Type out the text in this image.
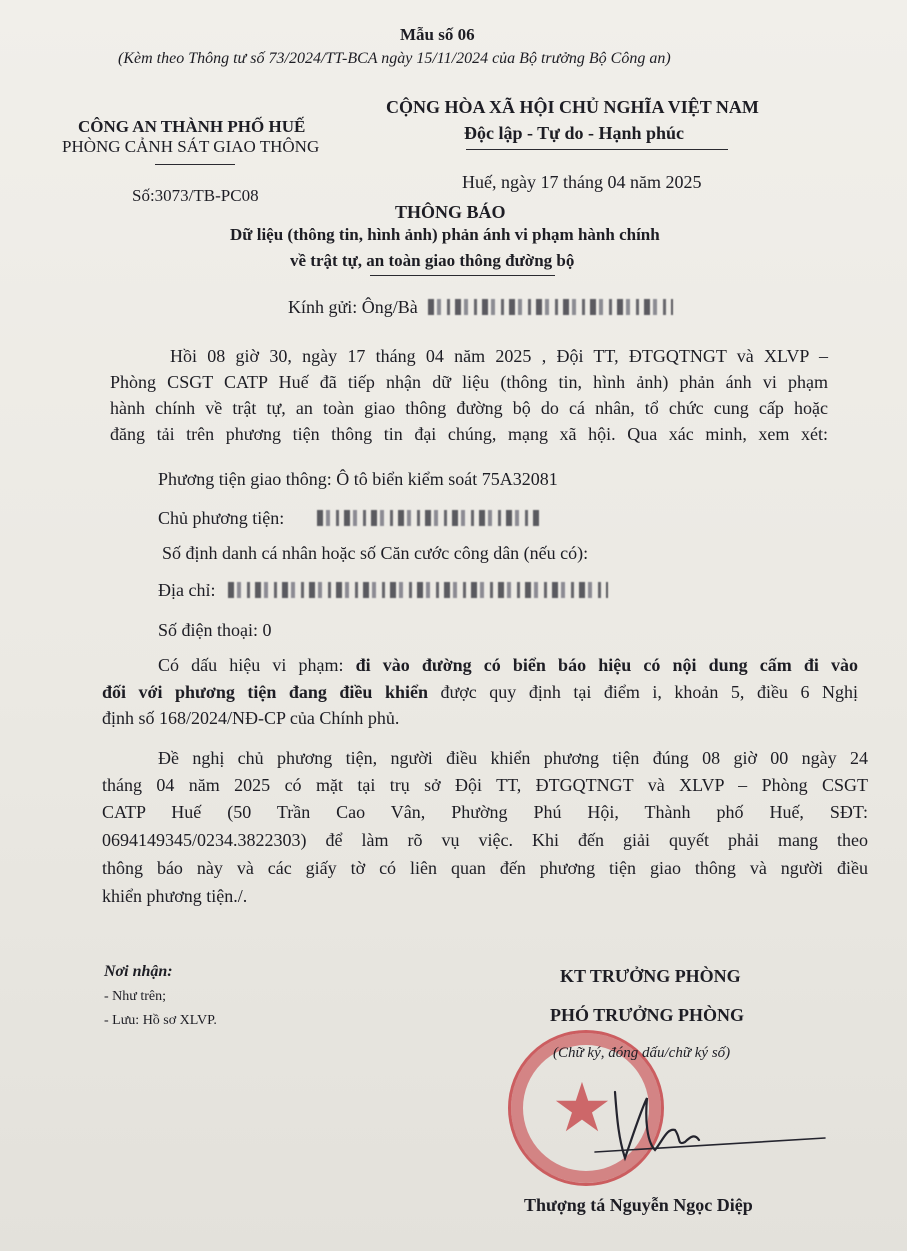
Mẫu số 06
(Kèm theo Thông tư số 73/2024/TT-BCA ngày 15/11/2024 của Bộ trưởng Bộ Công an)
CÔNG AN THÀNH PHỐ HUẾ
PHÒNG CẢNH SÁT GIAO THÔNG
Số:3073/TB-PC08
CỘNG HÒA XÃ HỘI CHỦ NGHĨA VIỆT NAM
Độc lập - Tự do - Hạnh phúc
Huế, ngày 17 tháng 04 năm 2025
THÔNG BÁO
Dữ liệu (thông tin, hình ảnh) phản ánh vi phạm hành chính
về trật tự, an toàn giao thông đường bộ
Kính gửi: Ông/Bà
Hồi 08 giờ 30, ngày 17 tháng 04 năm 2025 , Đội TT, ĐTGQTNGT và XLVP –
Phòng CSGT CATP Huế đã tiếp nhận dữ liệu (thông tin, hình ảnh) phản ánh vi phạm
hành chính về trật tự, an toàn giao thông đường bộ do cá nhân, tổ chức cung cấp hoặc
đăng tải trên phương tiện thông tin đại chúng, mạng xã hội. Qua xác minh, xem xét:
Phương tiện giao thông: Ô tô biển kiểm soát 75A32081
Chủ phương tiện:
Số định danh cá nhân hoặc số Căn cước công dân (nếu có):
Địa chỉ:
Số điện thoại: 0
Có dấu hiệu vi phạm: đi vào đường có biển báo hiệu có nội dung cấm đi vào
đối với phương tiện đang điều khiển được quy định tại điểm i, khoản 5, điều 6 Nghị
định số 168/2024/NĐ-CP của Chính phủ.
Đề nghị chủ phương tiện, người điều khiển phương tiện đúng 08 giờ 00 ngày 24
tháng 04 năm 2025 có mặt tại trụ sở Đội TT, ĐTGQTNGT và XLVP – Phòng CSGT
CATP Huế (50 Trần Cao Vân, Phường Phú Hội, Thành phố Huế, SĐT:
0694149345/0234.3822303) để làm rõ vụ việc. Khi đến giải quyết phải mang theo
thông báo này và các giấy tờ có liên quan đến phương tiện giao thông và người điều
khiển phương tiện./.
Nơi nhận:
- Như trên;
- Lưu: Hồ sơ XLVP.
KT TRƯỞNG PHÒNG
PHÓ TRƯỞNG PHÒNG
★
(Chữ ký, đóng dấu/chữ ký số)
Thượng tá Nguyễn Ngọc Diệp
